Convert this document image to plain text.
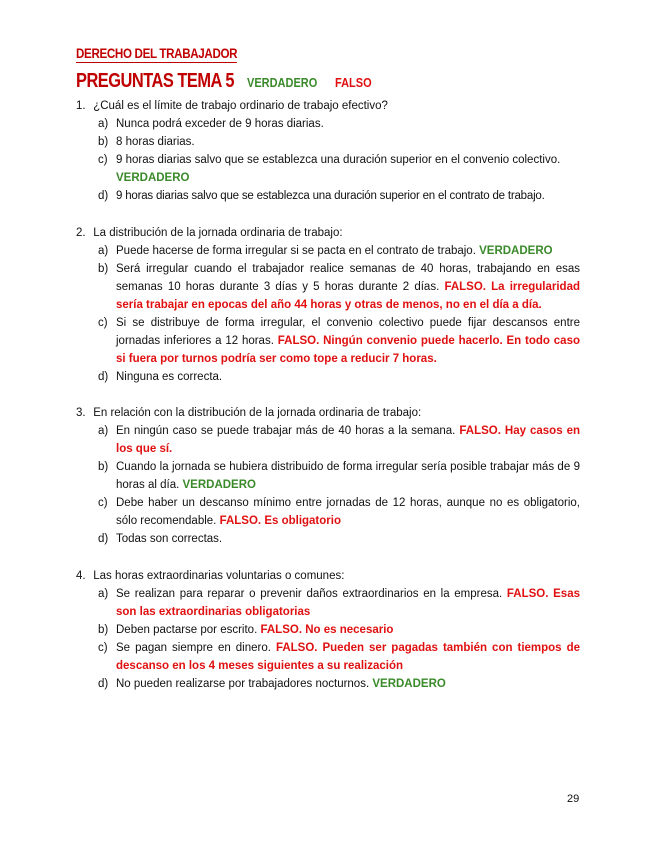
DERECHO DEL TRABAJADOR
PREGUNTAS TEMA 5 VERDADERO FALSO
1. ¿Cuál es el límite de trabajo ordinario de trabajo efectivo?
a) Nunca podrá exceder de 9 horas diarias.
b) 8 horas diarias.
c) 9 horas diarias salvo que se establezca una duración superior en el convenio colectivo.
VERDADERO
d) 9 horas diarias salvo que se establezca una duración superior en el contrato de trabajo.
2. La distribución de la jornada ordinaria de trabajo:
a) Puede hacerse de forma irregular si se pacta en el contrato de trabajo. VERDADERO
b) Será irregular cuando el trabajador realice semanas de 40 horas, trabajando en esas semanas 10 horas durante 3 días y 5 horas durante 2 días. FALSO. La irregularidad sería trabajar en epocas del año 44 horas y otras de menos, no en el día a día.
c) Si se distribuye de forma irregular, el convenio colectivo puede fijar descansos entre jornadas inferiores a 12 horas. FALSO. Ningún convenio puede hacerlo. En todo caso si fuera por turnos podría ser como tope a reducir 7 horas.
d) Ninguna es correcta.
3. En relación con la distribución de la jornada ordinaria de trabajo:
a) En ningún caso se puede trabajar más de 40 horas a la semana. FALSO. Hay casos en los que sí.
b) Cuando la jornada se hubiera distribuido de forma irregular sería posible trabajar más de 9 horas al día. VERDADERO
c) Debe haber un descanso mínimo entre jornadas de 12 horas, aunque no es obligatorio, sólo recomendable. FALSO. Es obligatorio
d) Todas son correctas.
4. Las horas extraordinarias voluntarias o comunes:
a) Se realizan para reparar o prevenir daños extraordinarios en la empresa. FALSO. Esas son las extraordinarias obligatorias
b) Deben pactarse por escrito. FALSO. No es necesario
c) Se pagan siempre en dinero. FALSO. Pueden ser pagadas también con tiempos de descanso en los 4 meses siguientes a su realización
d) No pueden realizarse por trabajadores nocturnos. VERDADERO
29
